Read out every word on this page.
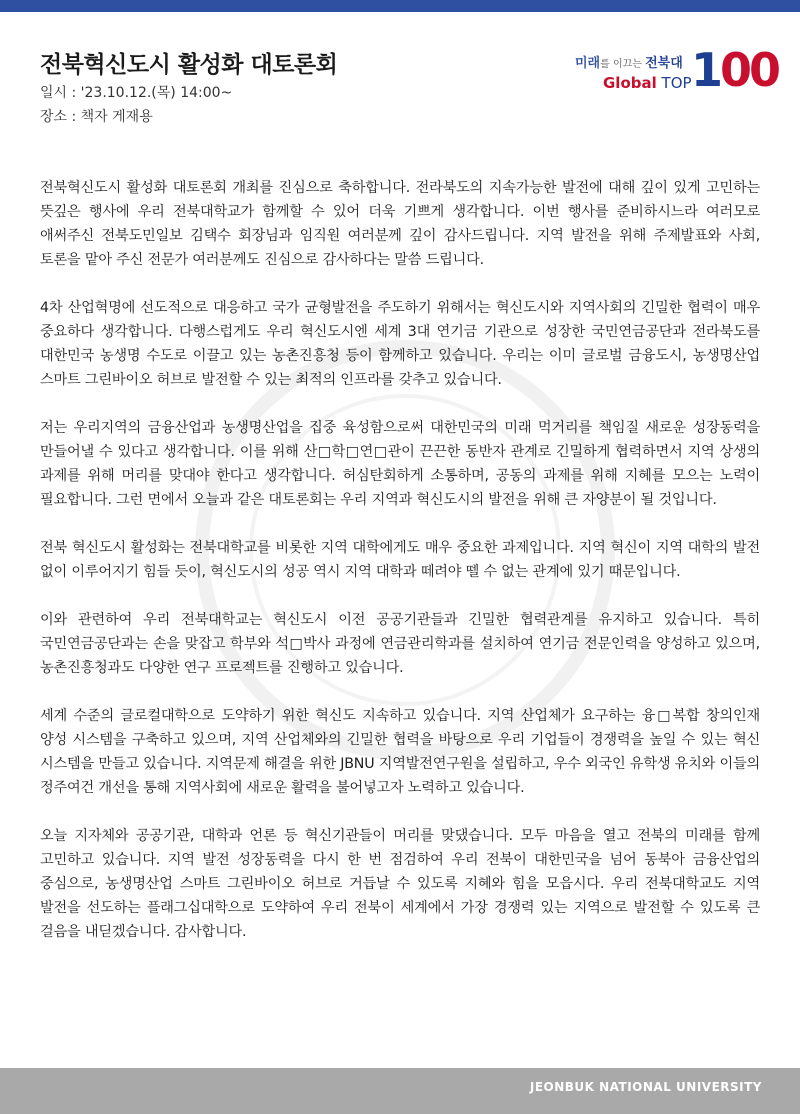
전북혁신도시 활성화 대토론회
일시 : '23.10.12.(목) 14:00~
장소 : 책자 게재용
미래를 이끄는 전북대
Global TOP 100

전북혁신도시 활성화 대토론회 개최를 진심으로 축하합니다. 전라북도의 지속가능한 발전에 대해 깊이 있게 고민하는 뜻깊은 행사에 우리 전북대학교가 함께할 수 있어 더욱 기쁘게 생각합니다. 이번 행사를 준비하시느라 여러모로 애써주신 전북도민일보 김택수 회장님과 임직원 여러분께 깊이 감사드립니다. 지역 발전을 위해 주제발표와 사회, 토론을 맡아 주신 전문가 여러분께도 진심으로 감사하다는 말씀 드립니다.

4차 산업혁명에 선도적으로 대응하고 국가 균형발전을 주도하기 위해서는 혁신도시와 지역사회의 긴밀한 협력이 매우 중요하다 생각합니다. 다행스럽게도 우리 혁신도시엔 세계 3대 연기금 기관으로 성장한 국민연금공단과 전라북도를 대한민국 농생명 수도로 이끌고 있는 농촌진흥청 등이 함께하고 있습니다. 우리는 이미 글로벌 금융도시, 농생명산업 스마트 그린바이오 허브로 발전할 수 있는 최적의 인프라를 갖추고 있습니다.

저는 우리지역의 금융산업과 농생명산업을 집중 육성함으로써 대한민국의 미래 먹거리를 책임질 새로운 성장동력을 만들어낼 수 있다고 생각합니다. 이를 위해 산□학□연□관이 끈끈한 동반자 관계로 긴밀하게 협력하면서 지역 상생의 과제를 위해 머리를 맞대야 한다고 생각합니다. 허심탄회하게 소통하며, 공동의 과제를 위해 지혜를 모으는 노력이 필요합니다. 그런 면에서 오늘과 같은 대토론회는 우리 지역과 혁신도시의 발전을 위해 큰 자양분이 될 것입니다.

전북 혁신도시 활성화는 전북대학교를 비롯한 지역 대학에게도 매우 중요한 과제입니다. 지역 혁신이 지역 대학의 발전 없이 이루어지기 힘들 듯이, 혁신도시의 성공 역시 지역 대학과 떼려야 뗄 수 없는 관계에 있기 때문입니다.

이와 관련하여 우리 전북대학교는 혁신도시 이전 공공기관들과 긴밀한 협력관계를 유지하고 있습니다. 특히 국민연금공단과는 손을 맞잡고 학부와 석□박사 과정에 연금관리학과를 설치하여 연기금 전문인력을 양성하고 있으며, 농촌진흥청과도 다양한 연구 프로젝트를 진행하고 있습니다.

세계 수준의 글로컬대학으로 도약하기 위한 혁신도 지속하고 있습니다. 지역 산업체가 요구하는 융□복합 창의인재 양성 시스템을 구축하고 있으며, 지역 산업체와의 긴밀한 협력을 바탕으로 우리 기업들이 경쟁력을 높일 수 있는 혁신 시스템을 만들고 있습니다. 지역문제 해결을 위한 JBNU 지역발전연구원을 설립하고, 우수 외국인 유학생 유치와 이들의 정주여건 개선을 통해 지역사회에 새로운 활력을 불어넣고자 노력하고 있습니다.

오늘 지자체와 공공기관, 대학과 언론 등 혁신기관들이 머리를 맞댔습니다. 모두 마음을 열고 전북의 미래를 함께 고민하고 있습니다. 지역 발전 성장동력을 다시 한 번 점검하여 우리 전북이 대한민국을 넘어 동북아 금융산업의 중심으로, 농생명산업 스마트 그린바이오 허브로 거듭날 수 있도록 지혜와 힘을 모읍시다. 우리 전북대학교도 지역 발전을 선도하는 플래그십대학으로 도약하여 우리 전북이 세계에서 가장 경쟁력 있는 지역으로 발전할 수 있도록 큰 걸음을 내딛겠습니다. 감사합니다.

JEONBUK NATIONAL UNIVERSITY
